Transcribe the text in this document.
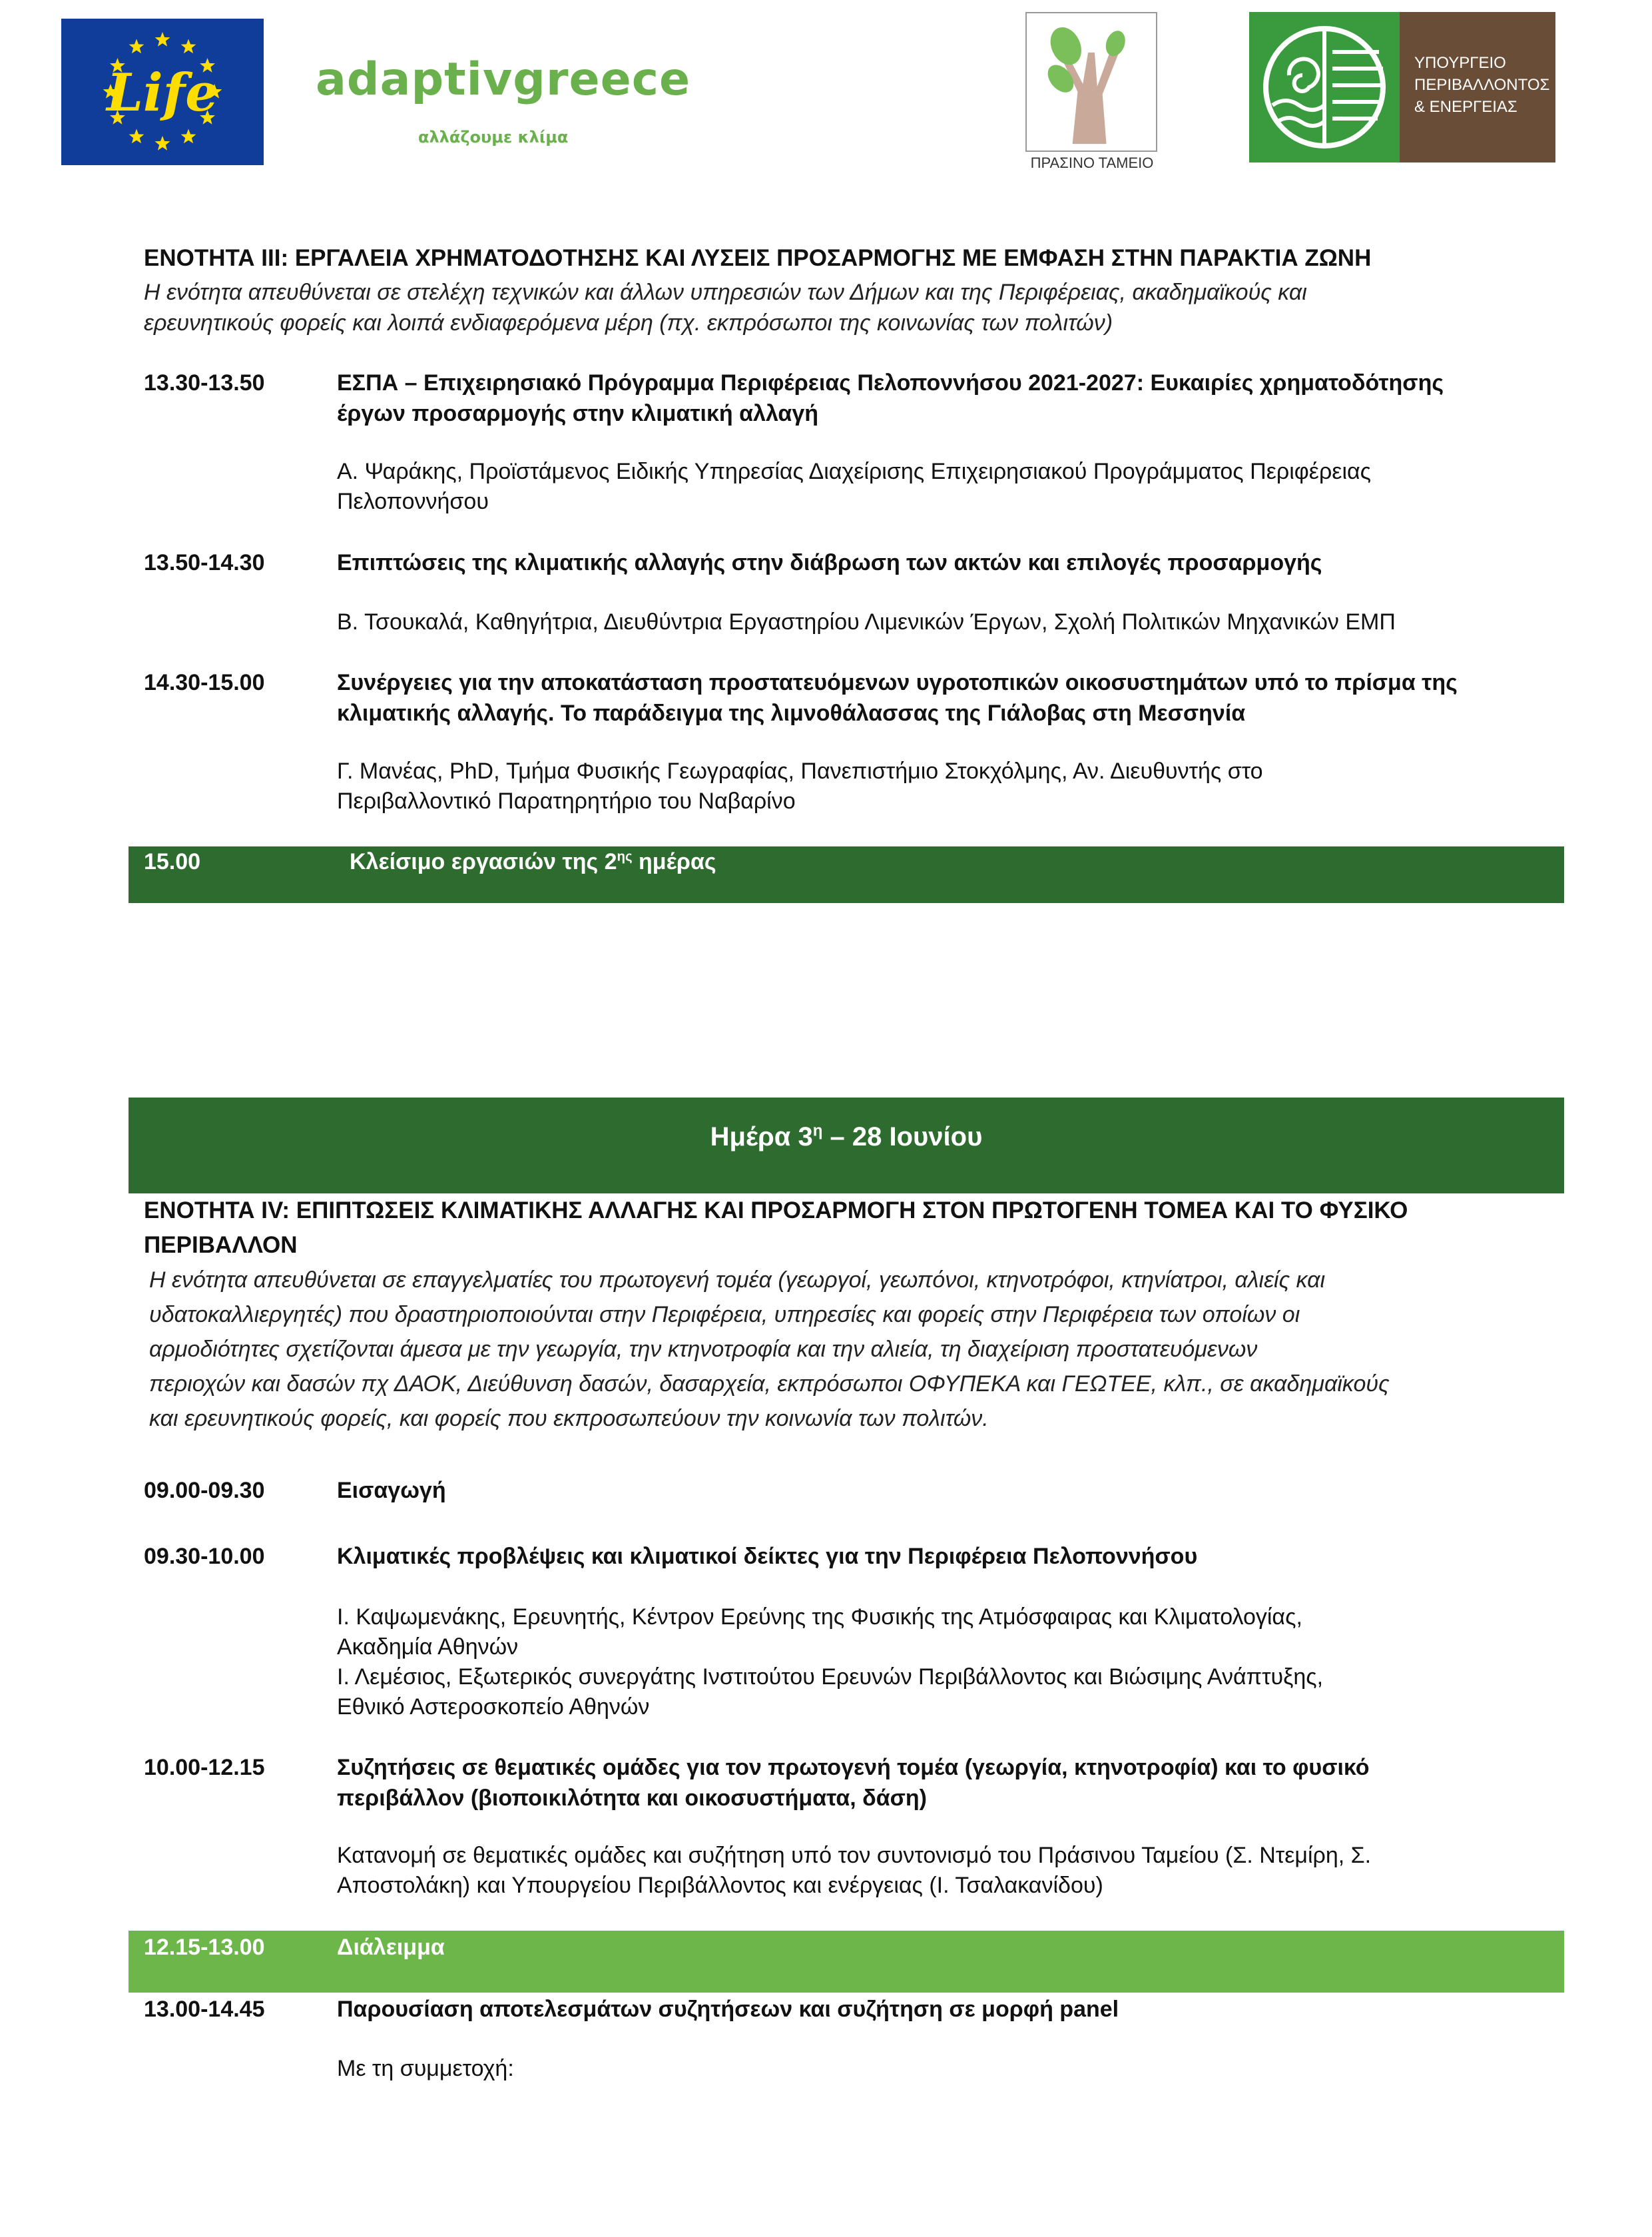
Life adaptivgreece
αλλάζουμε κλίμα
ΠΡΑΣΙΝΟ ΤΑΜΕΙΟ
ΥΠΟΥΡΓΕΙΟ
ΠΕΡΙΒΑΛΛΟΝΤΟΣ
& ΕΝΕΡΓΕΙΑΣ
ΕΝΟΤΗΤΑ ΙΙΙ: ΕΡΓΑΛΕΙΑ ΧΡΗΜΑΤΟΔΟΤΗΣΗΣ ΚΑΙ ΛΥΣΕΙΣ ΠΡΟΣΑΡΜΟΓΗΣ ΜΕ ΕΜΦΑΣΗ ΣΤΗΝ ΠΑΡΑΚΤΙΑ ΖΩΝΗ
Η ενότητα απευθύνεται σε στελέχη τεχνικών και άλλων υπηρεσιών των Δήμων και της Περιφέρειας, ακαδημαϊκούς και
ερευνητικούς φορείς και λοιπά ενδιαφερόμενα μέρη (πχ. εκπρόσωποι της κοινωνίας των πολιτών)
13.30-13.50	ΕΣΠΑ – Επιχειρησιακό Πρόγραμμα Περιφέρειας Πελοποννήσου 2021-2027: Ευκαιρίες χρηματοδότησης
έργων προσαρμογής στην κλιματική αλλαγή
Α. Ψαράκης, Προϊστάμενος Ειδικής Υπηρεσίας Διαχείρισης Επιχειρησιακού Προγράμματος Περιφέρειας
Πελοποννήσου
13.50-14.30	Επιπτώσεις της κλιματικής αλλαγής στην διάβρωση των ακτών και επιλογές προσαρμογής
Β. Τσουκαλά, Καθηγήτρια, Διευθύντρια Εργαστηρίου Λιμενικών Έργων, Σχολή Πολιτικών Μηχανικών ΕΜΠ
14.30-15.00	Συνέργειες για την αποκατάσταση προστατευόμενων υγροτοπικών οικοσυστημάτων υπό το πρίσμα της
κλιματικής αλλαγής. Το παράδειγμα της λιμνοθάλασσας της Γιάλοβας στη Μεσσηνία
Γ. Μανέας, PhD, Τμήμα Φυσικής Γεωγραφίας, Πανεπιστήμιο Στοκχόλμης, Αν. Διευθυντής στο
Περιβαλλοντικό Παρατηρητήριο του Ναβαρίνο
15.00	Κλείσιμο εργασιών της $2^{\eta\varsigma}$ ημέρας
Ημέρα $3^\eta - 28$ Ιουνίου
ΕΝΟΤΗΤΑ IV: ΕΠΙΠΤΩΣΕΙΣ ΚΛΙΜΑΤΙΚΗΣ ΑΛΛΑΓΗΣ ΚΑΙ ΠΡΟΣΑΡΜΟΓΗ ΣΤΟΝ ΠΡΩΤΟΓΕΝΗ ΤΟΜΕΑ ΚΑΙ ΤΟ ΦΥΣΙΚΟ
ΠΕΡΙΒΑΛΛΟΝ
Η ενότητα απευθύνεται σε επαγγελματίες του πρωτογενή τομέα (γεωργοί, γεωπόνοι, κτηνοτρόφοι, κτηνίατροι, αλιείς και
υδατοκαλλιεργητές) που δραστηριοποιούνται στην Περιφέρεια, υπηρεσίες και φορείς στην Περιφέρεια των οποίων οι
αρμοδιότητες σχετίζονται άμεσα με την γεωργία, την κτηνοτροφία και την αλιεία, τη διαχείριση προστατευόμενων
περιοχών και δασών πχ ΔΑΟΚ, Διεύθυνση δασών, δασαρχεία, εκπρόσωποι ΟΦΥΠΕΚΑ και ΓΕΩΤΕΕ, κλπ., σε ακαδημαϊκούς
και ερευνητικούς φορείς, και φορείς που εκπροσωπεύουν την κοινωνία των πολιτών.
09.00-09.30	Εισαγωγή
09.30-10.00	Κλιματικές προβλέψεις και κλιματικοί δείκτες για την Περιφέρεια Πελοποννήσου
Ι. Καψωμενάκης, Ερευνητής, Κέντρον Ερεύνης της Φυσικής της Ατμόσφαιρας και Κλιματολογίας,
Ακαδημία Αθηνών
Ι. Λεμέσιος, Εξωτερικός συνεργάτης Ινστιτούτου Ερευνών Περιβάλλοντος και Βιώσιμης Ανάπτυξης,
Εθνικό Αστεροσκοπείο Αθηνών
10.00-12.15	Συζητήσεις σε θεματικές ομάδες για τον πρωτογενή τομέα (γεωργία, κτηνοτροφία) και το φυσικό
περιβάλλον (βιοποικιλότητα και οικοσυστήματα, δάση)
Κατανομή σε θεματικές ομάδες και συζήτηση υπό τον συντονισμό του Πράσινου Ταμείου (Σ. Ντεμίρη, Σ.
Αποστολάκη) και Υπουργείου Περιβάλλοντος και ενέργειας (Ι. Τσαλακανίδου)
12.15-13.00	Διάλειμμα
13.00-14.45	Παρουσίαση αποτελεσμάτων συζητήσεων και συζήτηση σε μορφή panel
Με τη συμμετοχή:
